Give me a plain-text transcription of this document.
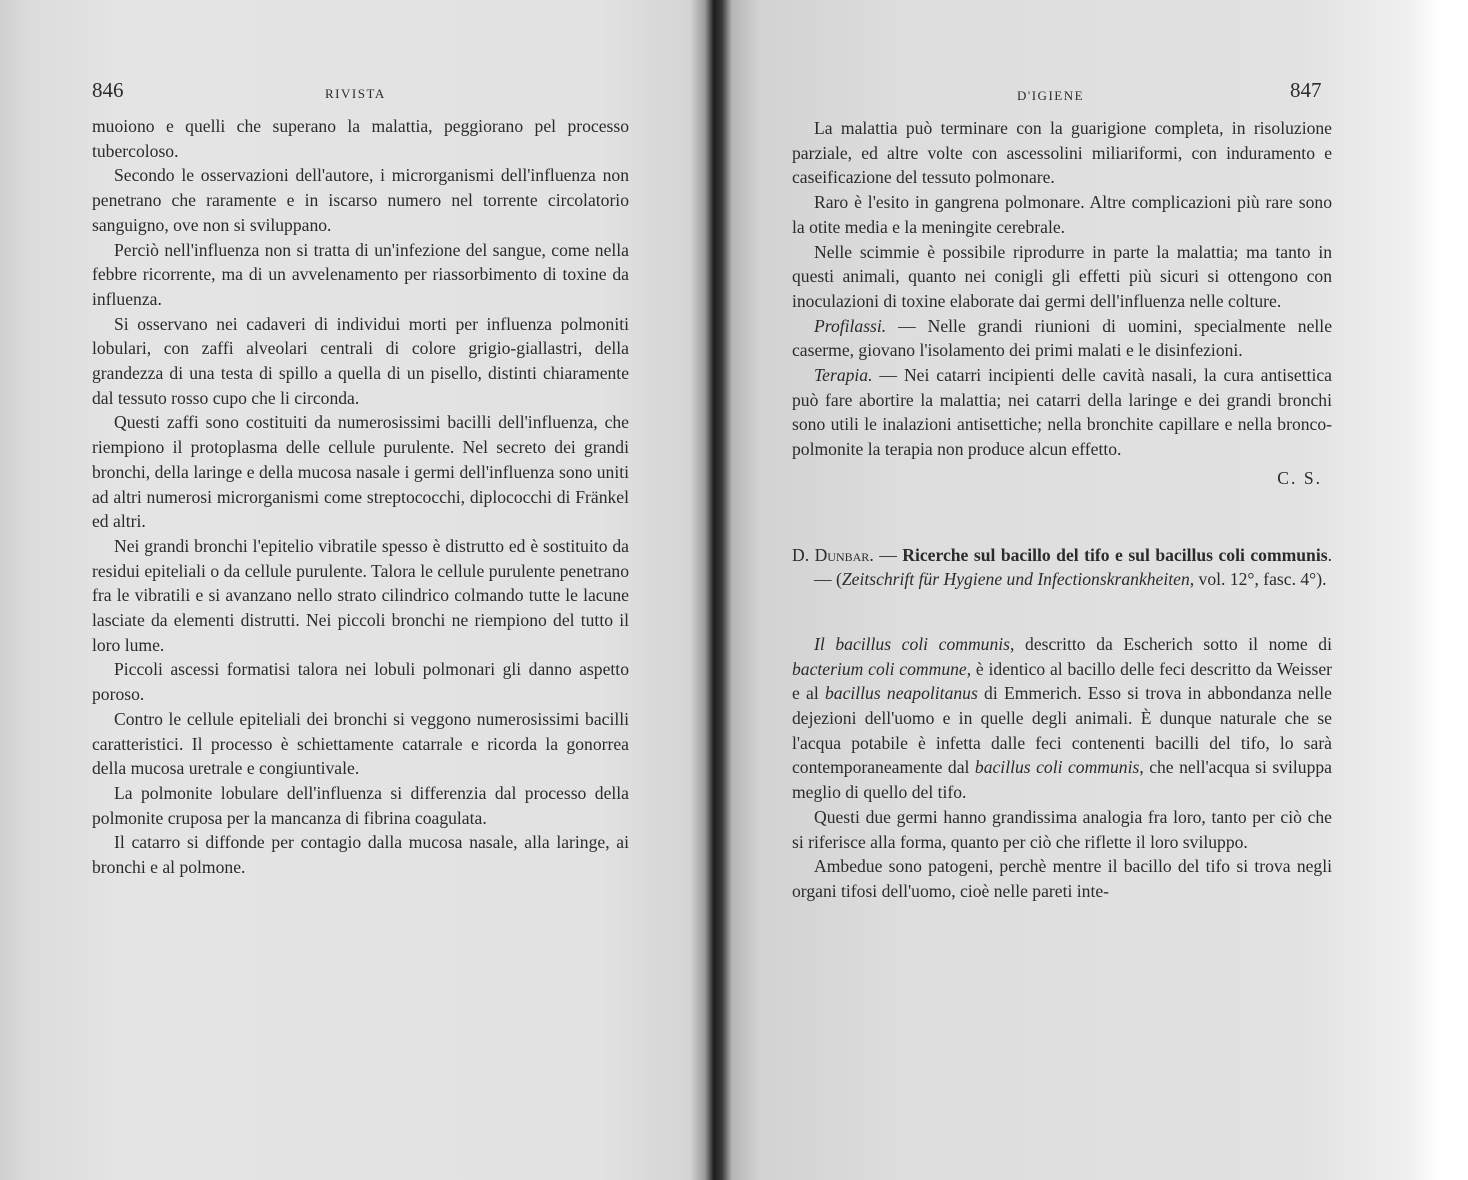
846	RIVISTA

muoiono e quelli che superano la malattia, peggiorano pel processo tubercoloso.

Secondo le osservazioni dell'autore, i microrganismi dell'influenza non penetrano che raramente e in iscarso numero nel torrente circolatorio sanguigno, ove non si sviluppano.

Perciò nell'influenza non si tratta di un'infezione del sangue, come nella febbre ricorrente, ma di un avvelenamento per riassorbimento di toxine da influenza.

Si osservano nei cadaveri di individui morti per influenza polmoniti lobulari, con zaffi alveolari centrali di colore grigio-giallastri, della grandezza di una testa di spillo a quella di un pisello, distinti chiaramente dal tessuto rosso cupo che li circonda.

Questi zaffi sono costituiti da numerosissimi bacilli dell'influenza, che riempiono il protoplasma delle cellule purulente. Nel secreto dei grandi bronchi, della laringe e della mucosa nasale i germi dell'influenza sono uniti ad altri numerosi microrganismi come streptococchi, diplococchi di Fränkel ed altri.

Nei grandi bronchi l'epitelio vibratile spesso è distrutto ed è sostituito da residui epiteliali o da cellule purulente. Talora le cellule purulente penetrano fra le vibratili e si avanzano nello strato cilindrico colmando tutte le lacune lasciate da elementi distrutti. Nei piccoli bronchi ne riempiono del tutto il loro lume.

Piccoli ascessi formatisi talora nei lobuli polmonari gli danno aspetto poroso.

Contro le cellule epiteliali dei bronchi si veggono numerosissimi bacilli caratteristici. Il processo è schiettamente catarrale e ricorda la gonorrea della mucosa uretrale e congiuntivale.

La polmonite lobulare dell'influenza si differenzia dal processo della polmonite cruposa per la mancanza di fibrina coagulata.

Il catarro si diffonde per contagio dalla mucosa nasale, alla laringe, ai bronchi e al polmone.

D'IGIENE	847

La malattia può terminare con la guarigione completa, in risoluzione parziale, ed altre volte con ascessolini miliariformi, con induramento e caseificazione del tessuto polmonare.

Raro è l'esito in gangrena polmonare. Altre complicazioni più rare sono la otite media e la meningite cerebrale.

Nelle scimmie è possibile riprodurre in parte la malattia; ma tanto in questi animali, quanto nei conigli gli effetti più sicuri si ottengono con inoculazioni di toxine elaborate dai germi dell'influenza nelle colture.

Profilassi. — Nelle grandi riunioni di uomini, specialmente nelle caserme, giovano l'isolamento dei primi malati e le disinfezioni.

Terapia. — Nei catarri incipienti delle cavità nasali, la cura antisettica può fare abortire la malattia; nei catarri della laringe e dei grandi bronchi sono utili le inalazioni antisettiche; nella bronchite capillare e nella bronco-polmonite la terapia non produce alcun effetto.

C. S.

D. Dunbar. — Ricerche sul bacillo del tifo e sul bacillus coli communis. — (Zeitschrift für Hygiene und Infectionskrankheiten, vol. 12°, fasc. 4°).

Il bacillus coli communis, descritto da Escherich sotto il nome di bacterium coli commune, è identico al bacillo delle feci descritto da Weisser e al bacillus neapolitanus di Emmerich. Esso si trova in abbondanza nelle dejezioni dell'uomo e in quelle degli animali. È dunque naturale che se l'acqua potabile è infetta dalle feci contenenti bacilli del tifo, lo sarà contemporaneamente dal bacillus coli communis, che nell'acqua si sviluppa meglio di quello del tifo.

Questi due germi hanno grandissima analogia fra loro, tanto per ciò che si riferisce alla forma, quanto per ciò che riflette il loro sviluppo.

Ambedue sono patogeni, perchè mentre il bacillo del tifo si trova negli organi tifosi dell'uomo, cioè nelle pareti inte-
